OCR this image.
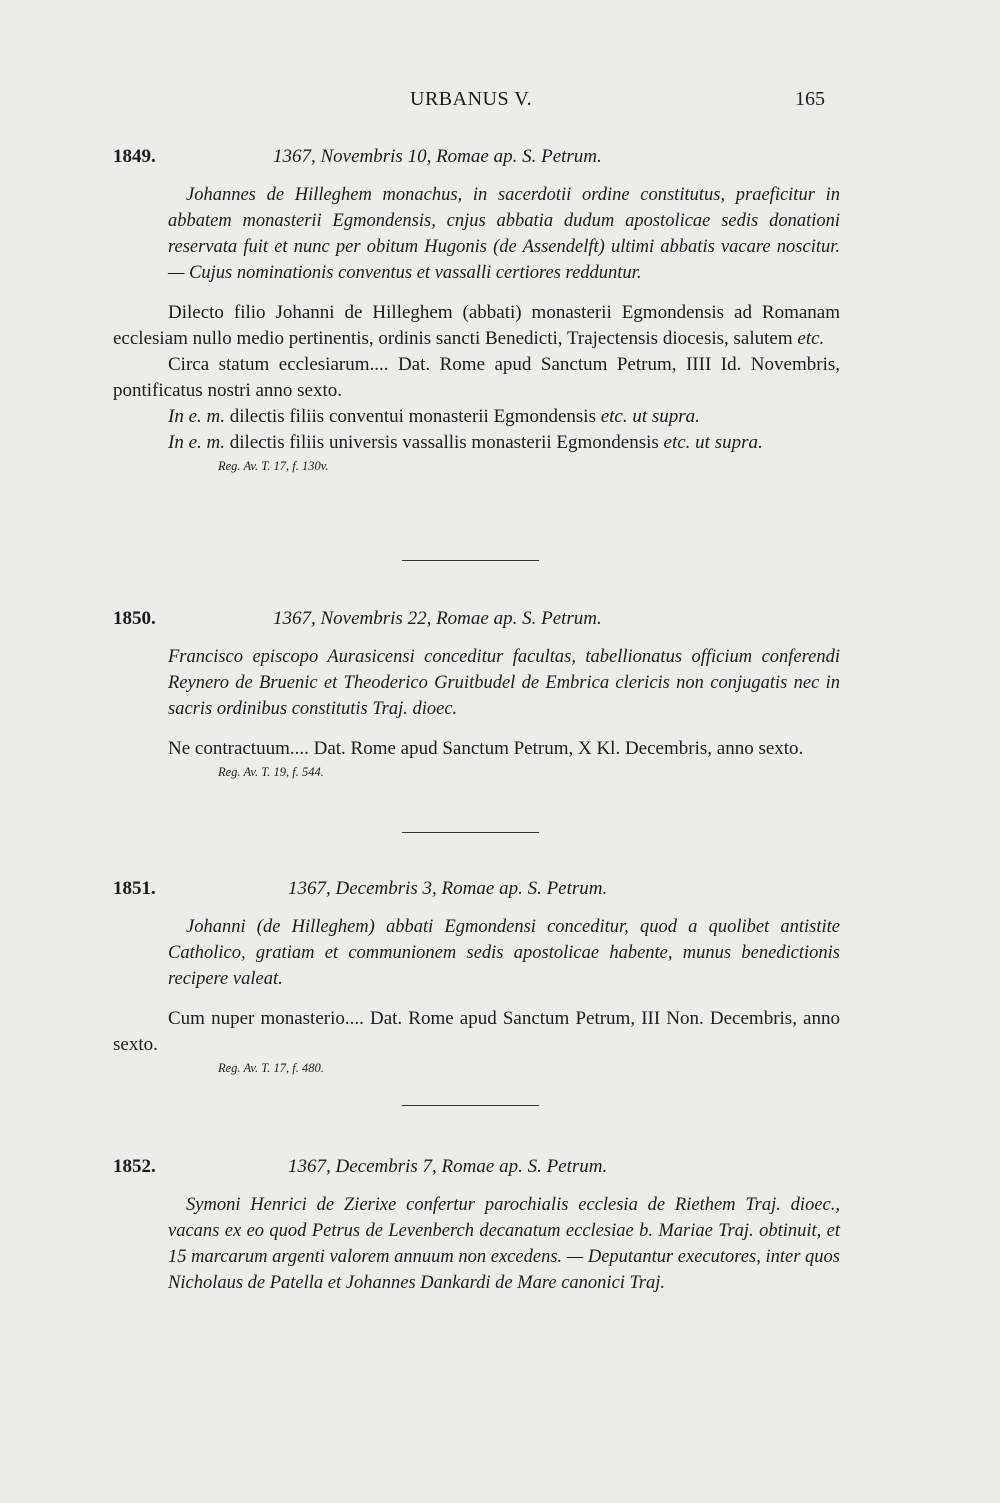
URBANUS V.	165
1849.	1367, Novembris 10, Romae ap. S. Petrum.
Johannes de Hilleghem monachus, in sacerdotii ordine constitutus, praeficitur in abbatem monasterii Egmondensis, cnjus abbatia dudum apostolicae sedis donationi reservata fuit et nunc per obitum Hugonis (de Assendelft) ultimi abbatis vacare noscitur. — Cujus nominationis conventus et vassalli certiores redduntur.

Dilecto filio Johanni de Hilleghem (abbati) monasterii Egmondensis ad Romanam ecclesiam nullo medio pertinentis, ordinis sancti Benedicti, Trajectensis diocesis, salutem etc.

Circa statum ecclesiarum.... Dat. Rome apud Sanctum Petrum, IIII Id. Novembris, pontificatus nostri anno sexto.

In e. m. dilectis filiis conventui monasterii Egmondensis etc. ut supra.

In e. m. dilectis filiis universis vassallis monasterii Egmondensis etc. ut supra.

Reg. Av. T. 17, f. 130v.
1850.	1367, Novembris 22, Romae ap. S. Petrum.
Francisco episcopo Aurasicensi conceditur facultas, tabellionatus officium conferendi Reynero de Bruenic et Theoderico Gruitbudel de Embrica clericis non conjugatis nec in sacris ordinibus constitutis Traj. dioec.

Ne contractuum.... Dat. Rome apud Sanctum Petrum, X Kl. Decembris, anno sexto.

Reg. Av. T. 19, f. 544.
1851.	1367, Decembris 3, Romae ap. S. Petrum.
Johanni (de Hilleghem) abbati Egmondensi conceditur, quod a quolibet antistite Catholico, gratiam et communionem sedis apostolicae habente, munus benedictionis recipere valeat.

Cum nuper monasterio.... Dat. Rome apud Sanctum Petrum, III Non. Decembris, anno sexto.

Reg. Av. T. 17, f. 480.
1852.	1367, Decembris 7, Romae ap. S. Petrum.
Symoni Henrici de Zierixe confertur parochialis ecclesia de Riethem Traj. dioec., vacans ex eo quod Petrus de Levenberch decanatum ecclesiae b. Mariae Traj. obtinuit, et 15 marcarum argenti valorem annuum non excedens. — Deputantur executores, inter quos Nicholaus de Patella et Johannes Dankardi de Mare canonici Traj.
